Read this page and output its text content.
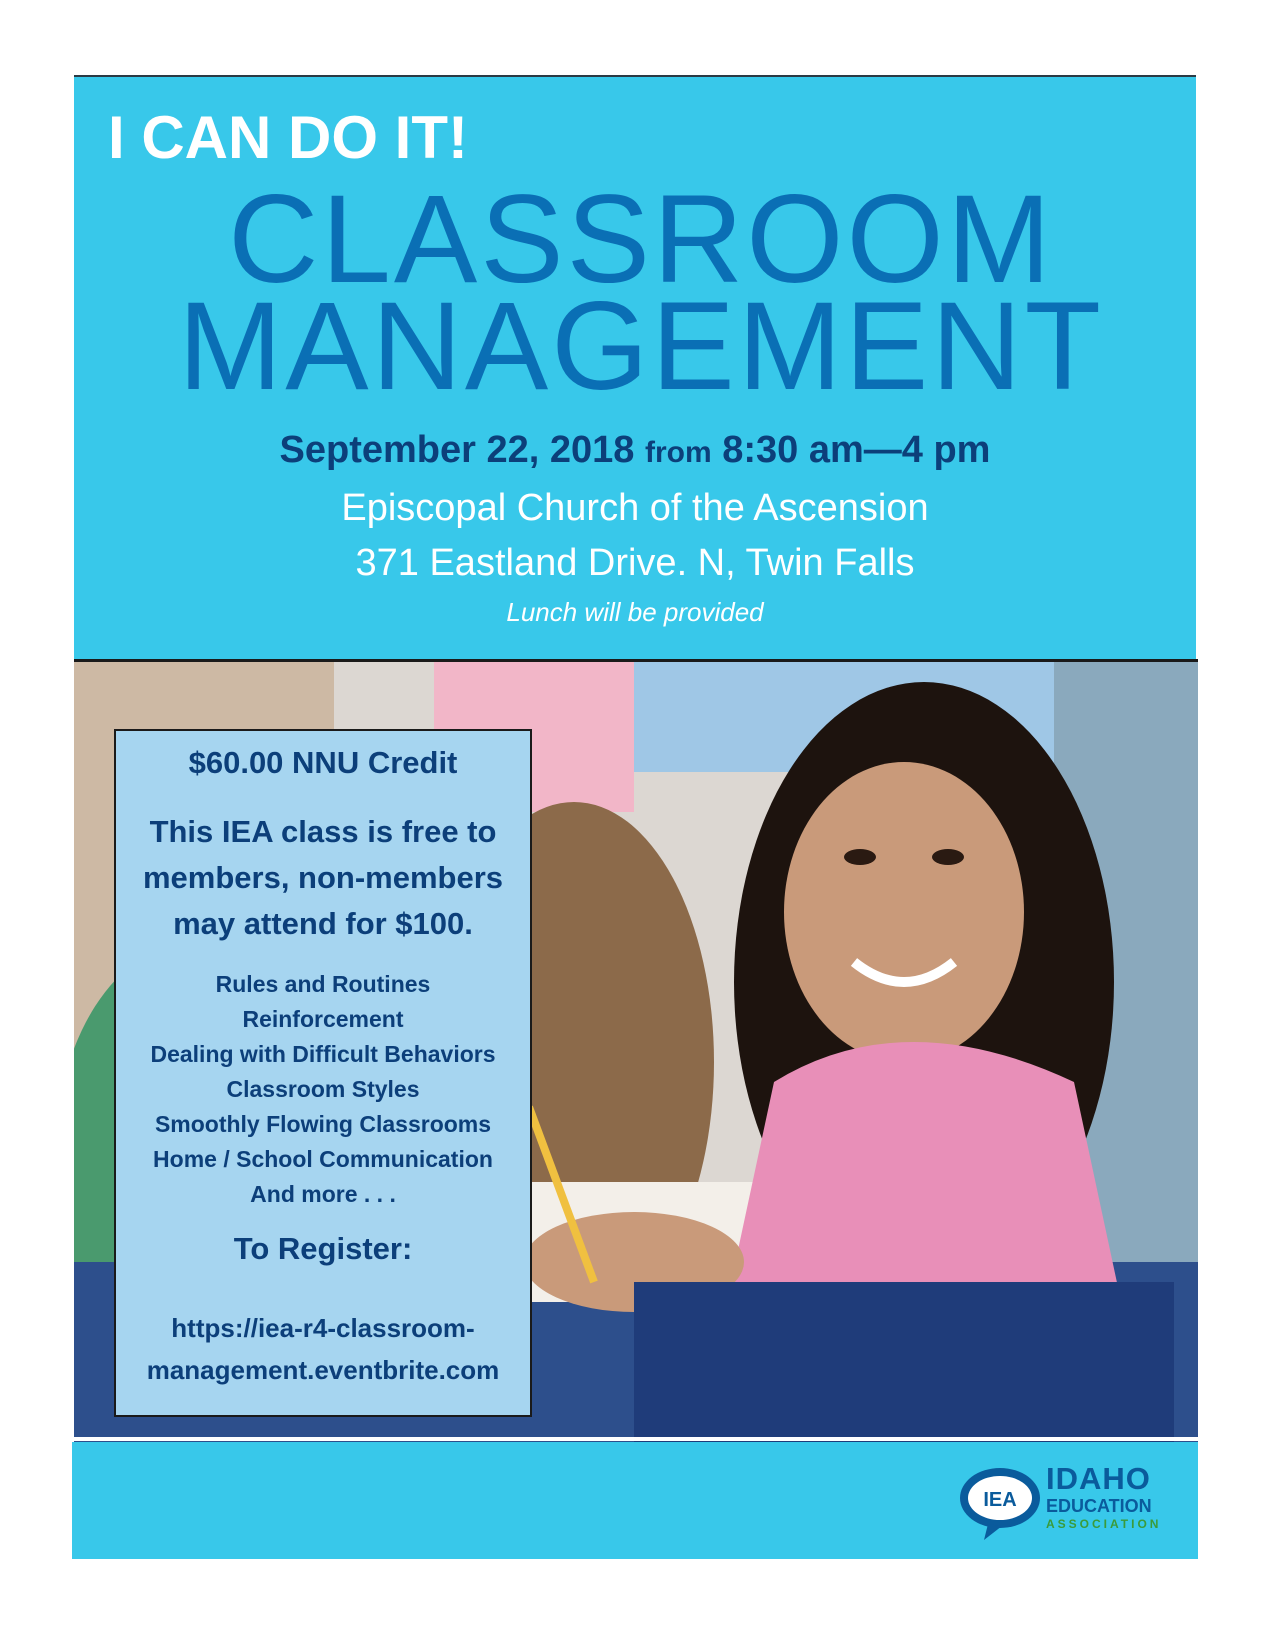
I CAN DO IT!
CLASSROOM
MANAGEMENT
September 22, 2018 from 8:30 am—4 pm
Episcopal Church of the Ascension
371 Eastland Drive. N, Twin Falls
Lunch will be provided
$60.00 NNU Credit
This IEA class is free to
members, non-members
may attend for $100.
Rules and Routines
Reinforcement
Dealing with Difficult Behaviors
Classroom Styles
Smoothly Flowing Classrooms
Home / School Communication
And more . . .
To Register:
https://iea-r4-classroom-
management.eventbrite.com
IEA
IDAHO
EDUCATION
ASSOCIATION
